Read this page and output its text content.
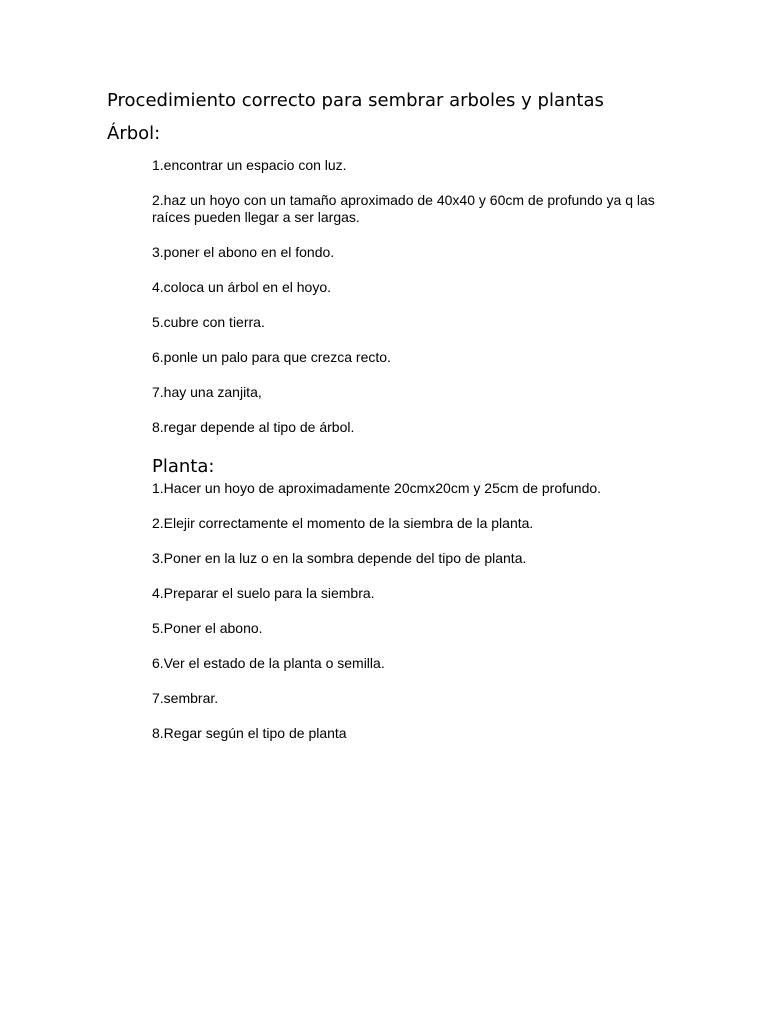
Procedimiento correcto para sembrar arboles y plantas
Árbol:
1.encontrar un espacio con luz.
2.haz un hoyo con un tamaño aproximado de 40x40 y 60cm de profundo ya q las raíces pueden llegar a ser largas.
3.poner el abono en el fondo.
4.coloca un árbol en el hoyo.
5.cubre con tierra.
6.ponle un palo para que crezca recto.
7.hay una zanjita,
8.regar depende al tipo de árbol.
Planta:
1.Hacer un hoyo de aproximadamente 20cmx20cm y 25cm de profundo.
2.Elejir correctamente el momento de la siembra de la planta.
3.Poner en la luz o en la sombra depende del tipo de planta.
4.Preparar el suelo para la siembra.
5.Poner el abono.
6.Ver el estado de la planta o semilla.
7.sembrar.
8.Regar según el tipo de planta
